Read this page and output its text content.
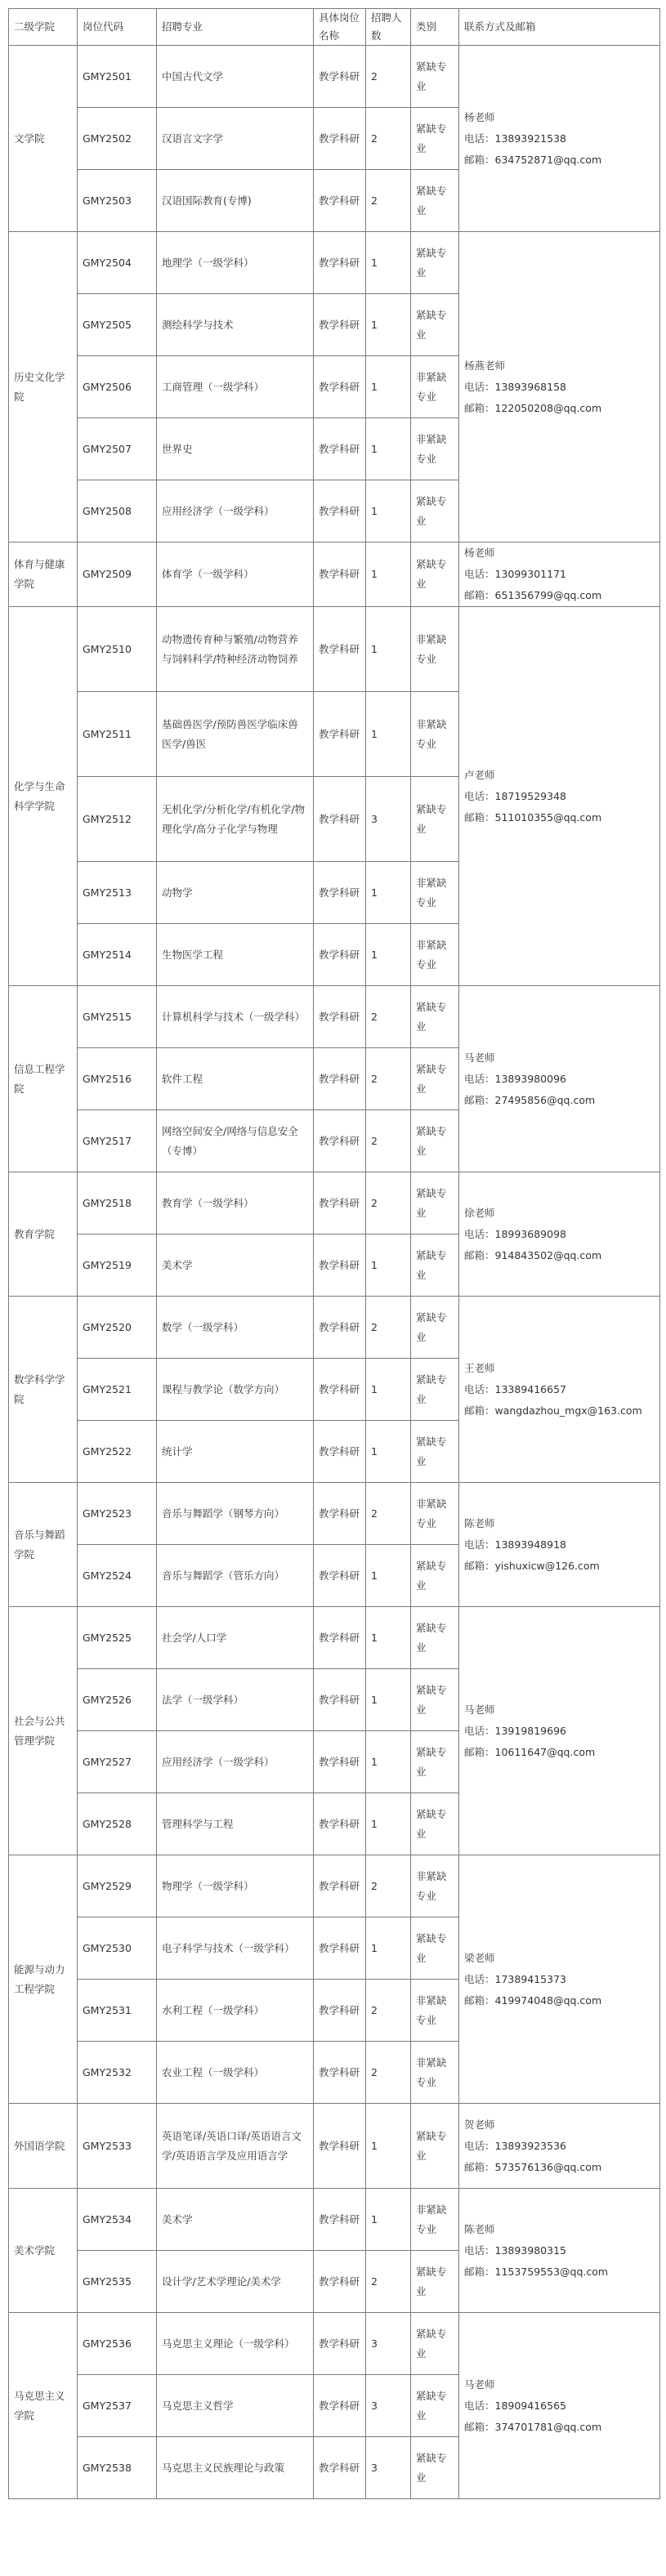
二级学院	岗位代码	招聘专业	具体岗位名称	招聘人数	类别	联系方式及邮箱
文学院	GMY2501	中国古代文学	教学科研	2	紧缺专业	杨老师
电话：13893921538
邮箱：634752871@qq.com

	GMY2502	汉语言文字学	教学科研	2	紧缺专业	
	GMY2503	汉语国际教育(专博)	教学科研	2	紧缺专业	
历史文化学院	GMY2504	地理学（一级学科）	教学科研	1	紧缺专业	杨燕老师
电话：13893968158
邮箱：122050208@qq.com

	GMY2505	测绘科学与技术	教学科研	1	紧缺专业	
	GMY2506	工商管理（一级学科）	教学科研	1	非紧缺专业	
	GMY2507	世界史	教学科研	1	非紧缺专业	
	GMY2508	应用经济学（一级学科）	教学科研	1	紧缺专业	
体育与健康学院	GMY2509	体育学（一级学科）	教学科研	1	紧缺专业	杨老师
电话：13099301171
邮箱：651356799@qq.com

化学与生命科学学院	GMY2510	动物遗传育种与繁殖/动物营养与饲料科学/特种经济动物饲养	教学科研	1	非紧缺专业	卢老师
电话：18719529348
邮箱：511010355@qq.com

	GMY2511	基础兽医学/预防兽医学临床兽医学/兽医	教学科研	1	非紧缺专业	
	GMY2512	无机化学/分析化学/有机化学/物理化学/高分子化学与物理	教学科研	3	紧缺专业	
	GMY2513	动物学	教学科研	1	非紧缺专业	
	GMY2514	生物医学工程	教学科研	1	非紧缺专业	
信息工程学院	GMY2515	计算机科学与技术（一级学科）	教学科研	2	紧缺专业	马老师
电话：13893980096
邮箱：27495856@qq.com

	GMY2516	软件工程	教学科研	2	紧缺专业	
	GMY2517	网络空间安全/网络与信息安全（专博）	教学科研	2	紧缺专业	
教育学院	GMY2518	教育学（一级学科）	教学科研	2	紧缺专业	徐老师
电话：18993689098
邮箱：914843502@qq.com

	GMY2519	美术学	教学科研	1	紧缺专业	
数学科学学院	GMY2520	数学（一级学科）	教学科研	2	紧缺专业	王老师
电话：13389416657
邮箱：wangdazhou_mgx@163.com

	GMY2521	课程与教学论（数学方向）	教学科研	1	紧缺专业	
	GMY2522	统计学	教学科研	1	紧缺专业	
音乐与舞蹈学院	GMY2523	音乐与舞蹈学（钢琴方向）	教学科研	2	非紧缺专业	陈老师
电话：13893948918
邮箱：yishuxicw@126.com

	GMY2524	音乐与舞蹈学（管乐方向）	教学科研	1	紧缺专业	
社会与公共管理学院	GMY2525	社会学/人口学	教学科研	1	紧缺专业	马老师
电话：13919819696
邮箱：10611647@qq.com

	GMY2526	法学（一级学科）	教学科研	1	紧缺专业	
	GMY2527	应用经济学（一级学科）	教学科研	1	紧缺专业	
	GMY2528	管理科学与工程	教学科研	1	紧缺专业	
能源与动力工程学院	GMY2529	物理学（一级学科）	教学科研	2	非紧缺专业	梁老师
电话：17389415373
邮箱：419974048@qq.com

	GMY2530	电子科学与技术（一级学科）	教学科研	1	紧缺专业	
	GMY2531	水利工程（一级学科）	教学科研	2	非紧缺专业	
	GMY2532	农业工程（一级学科）	教学科研	2	非紧缺专业	
外国语学院	GMY2533	英语笔译/英语口译/英语语言文学/英语语言学及应用语言学	教学科研	1	紧缺专业	贺老师
电话：13893923536
邮箱：573576136@qq.com

美术学院	GMY2534	美术学	教学科研	1	非紧缺专业	陈老师
电话：13893980315
邮箱：1153759553@qq.com

	GMY2535	设计学/艺术学理论/美术学	教学科研	2	紧缺专业	
马克思主义学院	GMY2536	马克思主义理论（一级学科）	教学科研	3	紧缺专业	马老师
电话：18909416565
邮箱：374701781@qq.com

	GMY2537	马克思主义哲学	教学科研	3	紧缺专业	
	GMY2538	马克思主义民族理论与政策	教学科研	3	紧缺专业	
